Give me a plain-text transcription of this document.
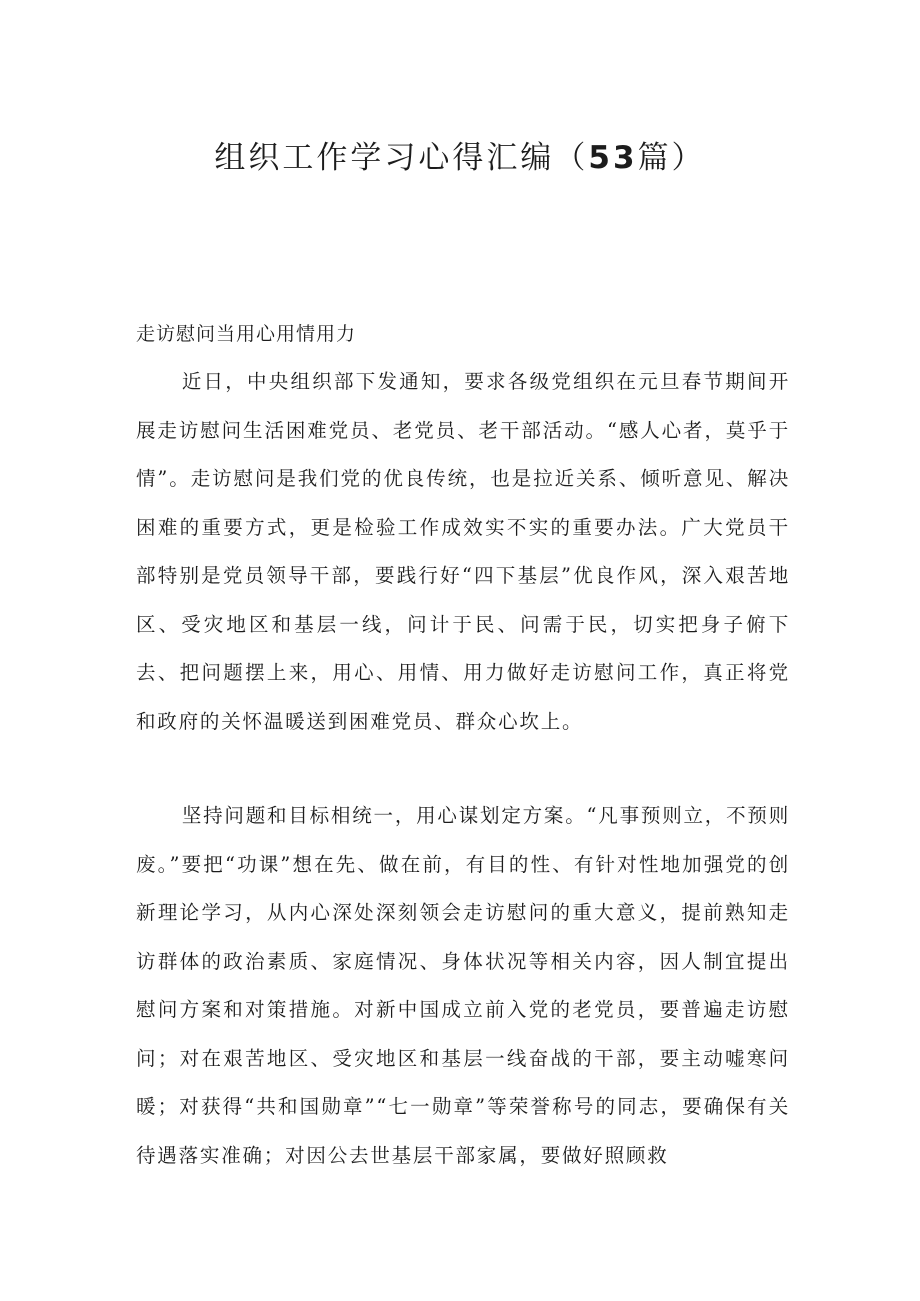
组织工作学习心得汇编（53篇）
走访慰问当用心用情用力

近日，中央组织部下发通知，要求各级党组织在元旦春节期间开展走访慰问生活困难党员、老党员、老干部活动。“感人心者，莫乎于情”。走访慰问是我们党的优良传统，也是拉近关系、倾听意见、解决困难的重要方式，更是检验工作成效实不实的重要办法。广大党员干部特别是党员领导干部，要践行好“四下基层”优良作风，深入艰苦地区、受灾地区和基层一线，问计于民、问需于民，切实把身子俯下去、把问题摆上来，用心、用情、用力做好走访慰问工作，真正将党和政府的关怀温暖送到困难党员、群众心坎上。

坚持问题和目标相统一，用心谋划定方案。“凡事预则立，不预则废。”要把“功课”想在先、做在前，有目的性、有针对性地加强党的创新理论学习，从内心深处深刻领会走访慰问的重大意义，提前熟知走访群体的政治素质、家庭情况、身体状况等相关内容，因人制宜提出慰问方案和对策措施。对新中国成立前入党的老党员，要普遍走访慰问；对在艰苦地区、受灾地区和基层一线奋战的干部，要主动嘘寒问暖；对获得“共和国勋章”“七一勋章”等荣誉称号的同志，要确保有关待遇落实准确；对因公去世基层干部家属，要做好照顾救
